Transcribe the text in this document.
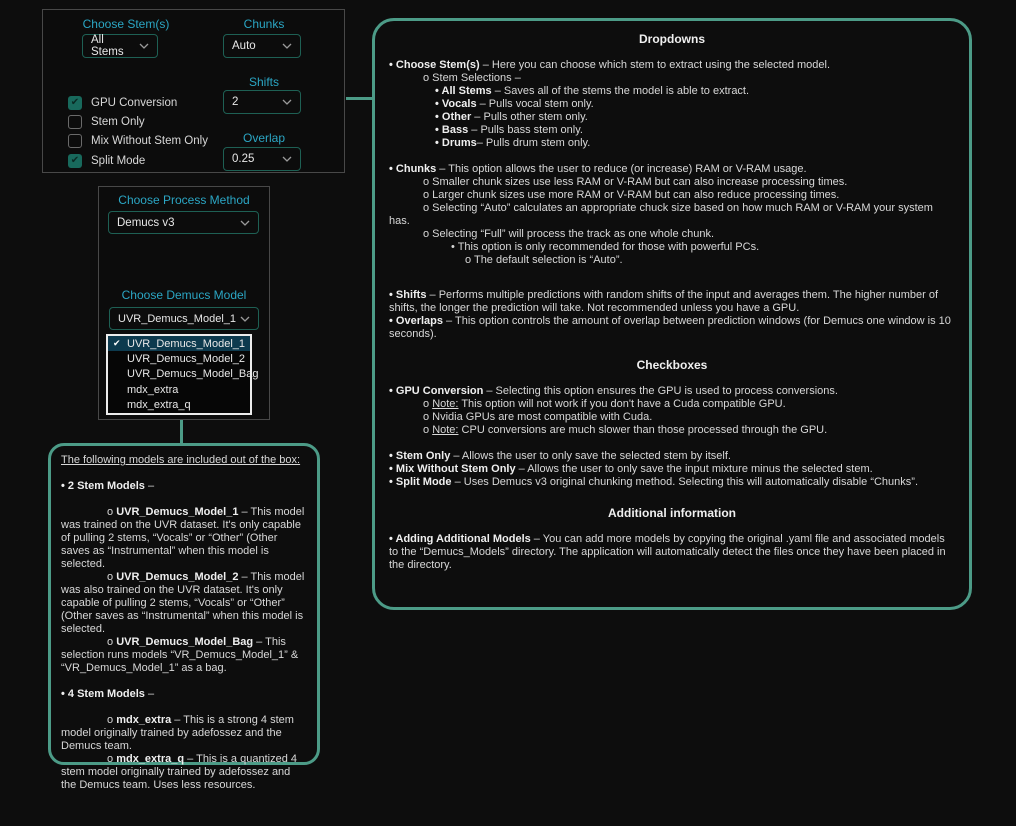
Choose Stem(s)
All Stems
Chunks
Auto
Shifts
2
Overlap
0.25
✔ GPU Conversion
Stem Only
Mix Without Stem Only
✔ Split Mode
Choose Process Method
Demucs v3
Choose Demucs Model
UVR_Demucs_Model_1
✔ UVR_Demucs_Model_1
UVR_Demucs_Model_2
UVR_Demucs_Model_Bag
mdx_extra
mdx_extra_q
The following models are included out of the box:
• 2 Stem Models –
o UVR_Demucs_Model_1 – This model was trained on the UVR dataset. It's only capable of pulling 2 stems, “Vocals” or “Other” (Other saves as “Instrumental” when this model is selected.
o UVR_Demucs_Model_2 – This model was also trained on the UVR dataset. It's only capable of pulling 2 stems, “Vocals” or “Other” (Other saves as “Instrumental” when this model is selected.
o UVR_Demucs_Model_Bag – This selection runs models “VR_Demucs_Model_1” & “VR_Demucs_Model_1” as a bag.
• 4 Stem Models –
o mdx_extra – This is a strong 4 stem model originally trained by adefossez and the Demucs team.
o mdx_extra_q – This is a quantized 4 stem model originally trained by adefossez and the Demucs team. Uses less resources.
Dropdowns
• Choose Stem(s) – Here you can choose which stem to extract using the selected model.
o Stem Selections –
• All Stems – Saves all of the stems the model is able to extract.
• Vocals – Pulls vocal stem only.
• Other – Pulls other stem only.
• Bass – Pulls bass stem only.
• Drums– Pulls drum stem only.
• Chunks – This option allows the user to reduce (or increase) RAM or V-RAM usage.
o Smaller chunk sizes use less RAM or V-RAM but can also increase processing times.
o Larger chunk sizes use more RAM or V-RAM but can also reduce processing times.
o Selecting “Auto” calculates an appropriate chuck size based on how much RAM or V-RAM your system has.
o Selecting “Full” will process the track as one whole chunk.
• This option is only recommended for those with powerful PCs.
o The default selection is “Auto”.
• Shifts – Performs multiple predictions with random shifts of the input and averages them. The higher number of shifts, the longer the prediction will take. Not recommended unless you have a GPU.
• Overlaps – This option controls the amount of overlap between prediction windows (for Demucs one window is 10 seconds).
Checkboxes
• GPU Conversion – Selecting this option ensures the GPU is used to process conversions.
o Note: This option will not work if you don't have a Cuda compatible GPU.
o Nvidia GPUs are most compatible with Cuda.
o Note: CPU conversions are much slower than those processed through the GPU.
• Stem Only – Allows the user to only save the selected stem by itself.
• Mix Without Stem Only – Allows the user to only save the input mixture minus the selected stem.
• Split Mode – Uses Demucs v3 original chunking method. Selecting this will automatically disable “Chunks”.
Additional information
• Adding Additional Models – You can add more models by copying the original .yaml file and associated models to the “Demucs_Models” directory. The application will automatically detect the files once they have been placed in the directory.
